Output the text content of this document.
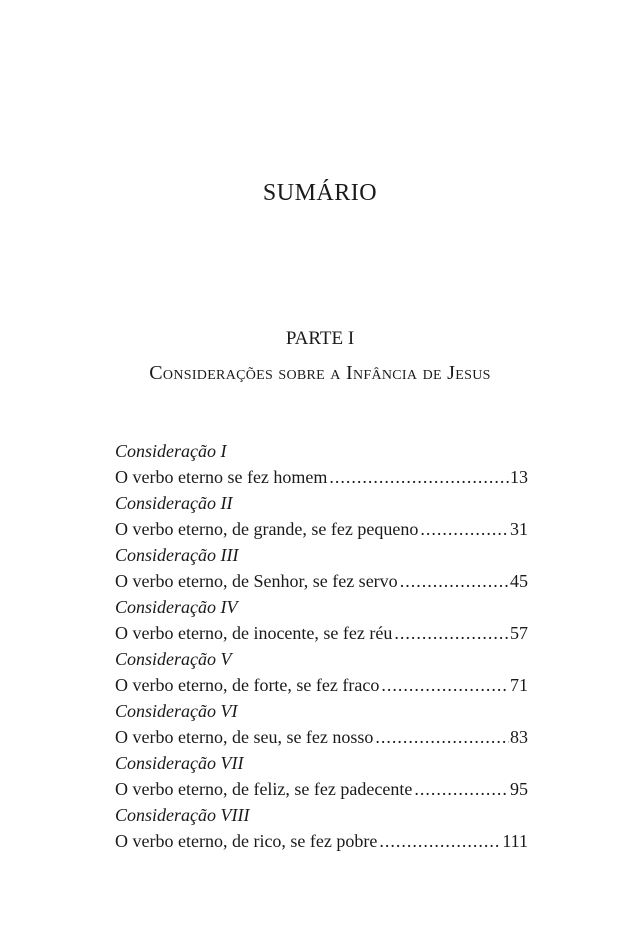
SUMÁRIO
PARTE I
Considerações sobre a Infância de Jesus
Consideração I
O verbo eterno se fez homem .....	13
Consideração II
O verbo eterno, de grande, se fez pequeno .....	31
Consideração III
O verbo eterno, de Senhor, se fez servo .....	45
Consideração IV
O verbo eterno, de inocente, se fez réu .....	57
Consideração V
O verbo eterno, de forte, se fez fraco .....	71
Consideração VI
O verbo eterno, de seu, se fez nosso .....	83
Consideração VII
O verbo eterno, de feliz, se fez padecente .....	95
Consideração VIII
O verbo eterno, de rico, se fez pobre .....	111
